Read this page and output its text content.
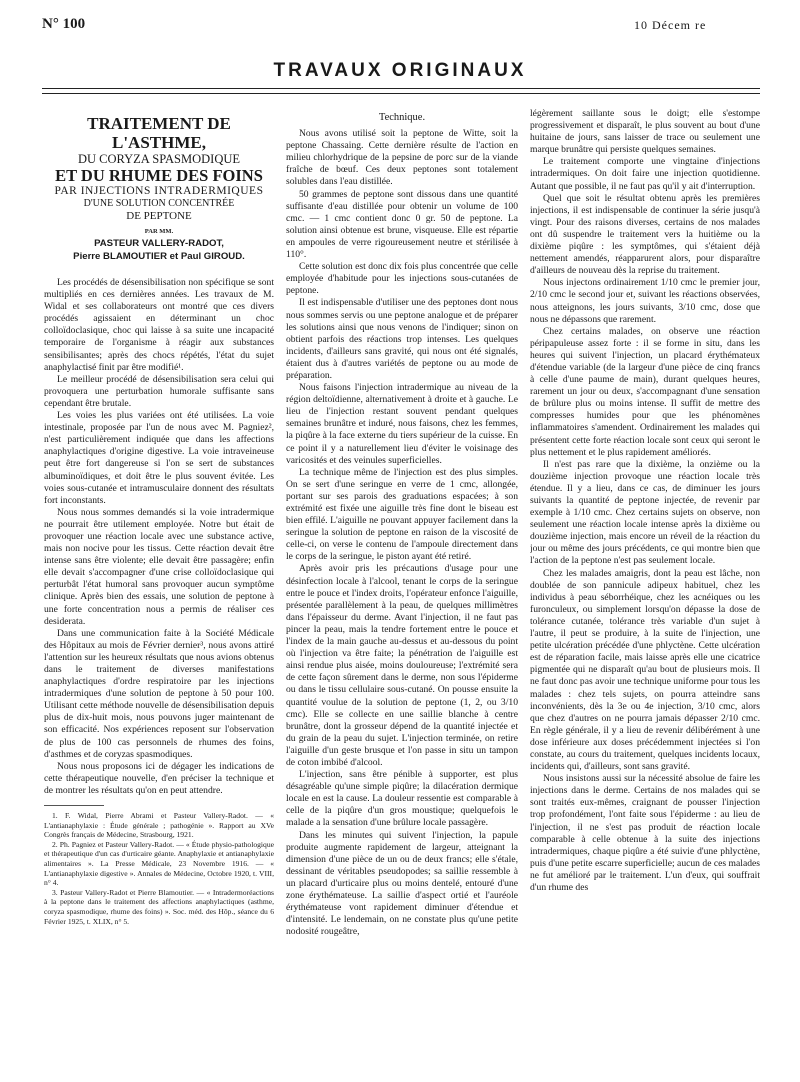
N° 100	10 Décem re
TRAVAUX ORIGINAUX
TRAITEMENT DE L'ASTHME,
DU CORYZA SPASMODIQUE
ET DU RHUME DES FOINS
PAR INJECTIONS INTRADERMIQUES
D'UNE SOLUTION CONCENTRÉE
DE PEPTONE
PAR MM.
PASTEUR VALLERY-RADOT,
Pierre BLAMOUTIER et Paul GIROUD.

Les procédés de désensibilisation non spécifique se sont multipliés en ces dernières années. Les travaux de M. Widal et ses collaborateurs ont montré que ces divers procédés agissaient en déterminant un choc colloïdoclasique, choc qui laisse à sa suite une incapacité temporaire de l'organisme à réagir aux substances sensibilisantes; après des chocs répétés, l'état du sujet anaphylactisé finit par être modifié¹.

Le meilleur procédé de désensibilisation sera celui qui provoquera une perturbation humorale suffisante sans cependant être brutale.

Les voies les plus variées ont été utilisées. La voie intestinale, proposée par l'un de nous avec M. Pagniez², n'est particulièrement indiquée que dans les affections anaphylactiques d'origine digestive. La voie intraveineuse peut être fort dangereuse si l'on se sert de substances albuminoïdiques, et doit être le plus souvent évitée. Les voies sous-cutanée et intramusculaire donnent des résultats fort inconstants.

Nous nous sommes demandés si la voie intradermique ne pourrait être utilement employée. Notre but était de provoquer une réaction locale avec une substance active, mais non nocive pour les tissus. Cette réaction devait être intense sans être violente; elle devait être passagère; enfin elle devait s'accompagner d'une crise colloïdoclasique qui perturbât l'état humoral sans provoquer aucun symptôme clinique. Après bien des essais, une solution de peptone à une forte concentration nous a permis de réaliser ces desiderata.

Dans une communication faite à la Société Médicale des Hôpitaux au mois de Février dernier³, nous avons attiré l'attention sur les heureux résultats que nous avions obtenus dans le traitement de diverses manifestations anaphylactiques d'ordre respiratoire par les injections intradermiques d'une solution de peptone à 50 pour 100. Utilisant cette méthode nouvelle de désensibilisation depuis plus de dix-huit mois, nous pouvons juger maintenant de son efficacité. Nos expériences reposent sur l'observation de plus de 100 cas personnels de rhumes des foins, d'asthmes et de coryzas spasmodiques.

Nous nous proposons ici de dégager les indications de cette thérapeutique nouvelle, d'en préciser la technique et de montrer les résultats qu'on en peut attendre.

1. F. Widal, Pierre Abrami et Pasteur Vallery-Radot. — « L'antianaphylaxie : Étude générale ; pathogénie ». Rapport au XVe Congrès français de Médecine, Strasbourg, 1921.

2. Ph. Pagniez et Pasteur Vallery-Radot. — « Étude physio-pathologique et thérapeutique d'un cas d'urticaire géante. Anaphylaxie et antianaphylaxie alimentaires ». La Presse Médicale, 23 Novembre 1916. — « L'antianaphylaxie digestive ». Annales de Médecine, Octobre 1920, t. VIII, n° 4.

3. Pasteur Vallery-Radot et Pierre Blamoutier. — « Intradermoréactions à la peptone dans le traitement des affections anaphylactiques (asthme, coryza spasmodique, rhume des foins) ». Soc. méd. des Hôp., séance du 6 Février 1925, t. XLIX, n° 5.

Technique.

Nous avons utilisé soit la peptone de Witte, soit la peptone Chassaing. Cette dernière résulte de l'action en milieu chlorhydrique de la pepsine de porc sur de la viande fraîche de bœuf. Ces deux peptones sont totalement solubles dans l'eau distillée.

50 grammes de peptone sont dissous dans une quantité suffisante d'eau distillée pour obtenir un volume de 100 cmc. — 1 cmc contient donc 0 gr. 50 de peptone. La solution ainsi obtenue est brune, visqueuse. Elle est répartie en ampoules de verre rigoureusement neutre et stérilisée à 110°.

Cette solution est donc dix fois plus concentrée que celle employée d'habitude pour les injections sous-cutanées de peptone.

Il est indispensable d'utiliser une des peptones dont nous nous sommes servis ou une peptone analogue et de préparer les solutions ainsi que nous venons de l'indiquer; sinon on obtient parfois des réactions trop intenses. Les quelques incidents, d'ailleurs sans gravité, qui nous ont été signalés, étaient dus à d'autres variétés de peptone ou au mode de préparation.

Nous faisons l'injection intradermique au niveau de la région deltoïdienne, alternativement à droite et à gauche. Le lieu de l'injection restant souvent pendant quelques semaines brunâtre et induré, nous faisons, chez les femmes, la piqûre à la face externe du tiers supérieur de la cuisse. En ce point il y a naturellement lieu d'éviter le voisinage des varicosités et des veinules superficielles.

La technique même de l'injection est des plus simples. On se sert d'une seringue en verre de 1 cmc, allongée, portant sur ses parois des graduations espacées; à son extrémité est fixée une aiguille très fine dont le biseau est bien effilé. L'aiguille ne pouvant appuyer facilement dans la seringue la solution de peptone en raison de la viscosité de celle-ci, on verse le contenu de l'ampoule directement dans le corps de la seringue, le piston ayant été retiré.

Après avoir pris les précautions d'usage pour une désinfection locale à l'alcool, tenant le corps de la seringue entre le pouce et l'index droits, l'opérateur enfonce l'aiguille, présentée parallèlement à la peau, de quelques millimètres dans l'épaisseur du derme. Avant l'injection, il ne faut pas pincer la peau, mais la tendre fortement entre le pouce et l'index de la main gauche au-dessus et au-dessous du point où l'injection va être faite; la pénétration de l'aiguille est ainsi rendue plus aisée, moins douloureuse; l'extrémité sera de cette façon sûrement dans le derme, non sous l'épiderme ou dans le tissu cellulaire sous-cutané. On pousse ensuite la quantité voulue de la solution de peptone (1, 2, ou 3/10 cmc). Elle se collecte en une saillie blanche à centre brunâtre, dont la grosseur dépend de la quantité injectée et du grain de la peau du sujet. L'injection terminée, on retire l'aiguille d'un geste brusque et l'on passe in situ un tampon de coton imbibé d'alcool.

L'injection, sans être pénible à supporter, est plus désagréable qu'une simple piqûre; la dilacération dermique locale en est la cause. La douleur ressentie est comparable à celle de la piqûre d'un gros moustique; quelquefois le malade a la sensation d'une brûlure locale passagère.

Dans les minutes qui suivent l'injection, la papule produite augmente rapidement de largeur, atteignant la dimension d'une pièce de un ou de deux francs; elle s'étale, dessinant de véritables pseudopodes; sa saillie ressemble à un placard d'urticaire plus ou moins dentelé, entouré d'une zone érythémateuse. La saillie d'aspect ortié et l'auréole érythémateuse vont rapidement diminuer d'étendue et d'intensité. Le lendemain, on ne constate plus qu'une petite nodosité rougeâtre,

légèrement saillante sous le doigt; elle s'estompe progressivement et disparaît, le plus souvent au bout d'une huitaine de jours, sans laisser de trace ou seulement une marque brunâtre qui persiste quelques semaines.

Le traitement comporte une vingtaine d'injections intradermiques. On doit faire une injection quotidienne. Autant que possible, il ne faut pas qu'il y ait d'interruption.

Quel que soit le résultat obtenu après les premières injections, il est indispensable de continuer la série jusqu'à vingt. Pour des raisons diverses, certains de nos malades ont dû suspendre le traitement vers la huitième ou la dixième piqûre : les symptômes, qui s'étaient déjà nettement amendés, réapparurent alors, pour disparaître d'ailleurs de nouveau dès la reprise du traitement.

Nous injectons ordinairement 1/10 cmc le premier jour, 2/10 cmc le second jour et, suivant les réactions observées, nous atteignons, les jours suivants, 3/10 cmc, dose que nous ne dépassons que rarement.

Chez certains malades, on observe une réaction péripapuleuse assez forte : il se forme in situ, dans les heures qui suivent l'injection, un placard érythémateux d'étendue variable (de la largeur d'une pièce de cinq francs à celle d'une paume de main), durant quelques heures, rarement un jour ou deux, s'accompagnant d'une sensation de brûlure plus ou moins intense. Il suffit de mettre des compresses humides pour que les phénomènes inflammatoires s'amendent. Ordinairement les malades qui présentent cette forte réaction locale sont ceux qui seront le plus nettement et le plus rapidement améliorés.

Il n'est pas rare que la dixième, la onzième ou la douzième injection provoque une réaction locale très étendue. Il y a lieu, dans ce cas, de diminuer les jours suivants la quantité de peptone injectée, de revenir par exemple à 1/10 cmc. Chez certains sujets on observe, non seulement une réaction locale intense après la dixième ou douzième injection, mais encore un réveil de la réaction du jour ou même des jours précédents, ce qui montre bien que l'action de la peptone n'est pas seulement locale.

Chez les malades amaigris, dont la peau est lâche, non doublée de son pannicule adipeux habituel, chez les individus à peau séborrhéique, chez les acnéiques ou les furonculeux, ou simplement lorsqu'on dépasse la dose de tolérance cutanée, tolérance très variable d'un sujet à l'autre, il peut se produire, à la suite de l'injection, une petite ulcération précédée d'une phlyctène. Cette ulcération est de réparation facile, mais laisse après elle une cicatrice pigmentée qui ne disparaît qu'au bout de plusieurs mois. Il ne faut donc pas avoir une technique uniforme pour tous les malades : chez tels sujets, on pourra atteindre sans inconvénients, dès la 3e ou 4e injection, 3/10 cmc, alors que chez d'autres on ne pourra jamais dépasser 2/10 cmc. En règle générale, il y a lieu de revenir délibérément à une dose inférieure aux doses précédemment injectées si l'on constate, au cours du traitement, quelques incidents locaux, incidents qui, d'ailleurs, sont sans gravité.

Nous insistons aussi sur la nécessité absolue de faire les injections dans le derme. Certains de nos malades qui se sont traités eux-mêmes, craignant de pousser l'injection trop profondément, l'ont faite sous l'épiderme : au lieu de l'injection, il ne s'est pas produit de réaction locale comparable à celle obtenue à la suite des injections intradermiques, chaque piqûre a été suivie d'une phlyctène, puis d'une petite escarre superficielle; aucun de ces malades ne fut amélioré par le traitement. L'un d'eux, qui souffrait d'un rhume des
